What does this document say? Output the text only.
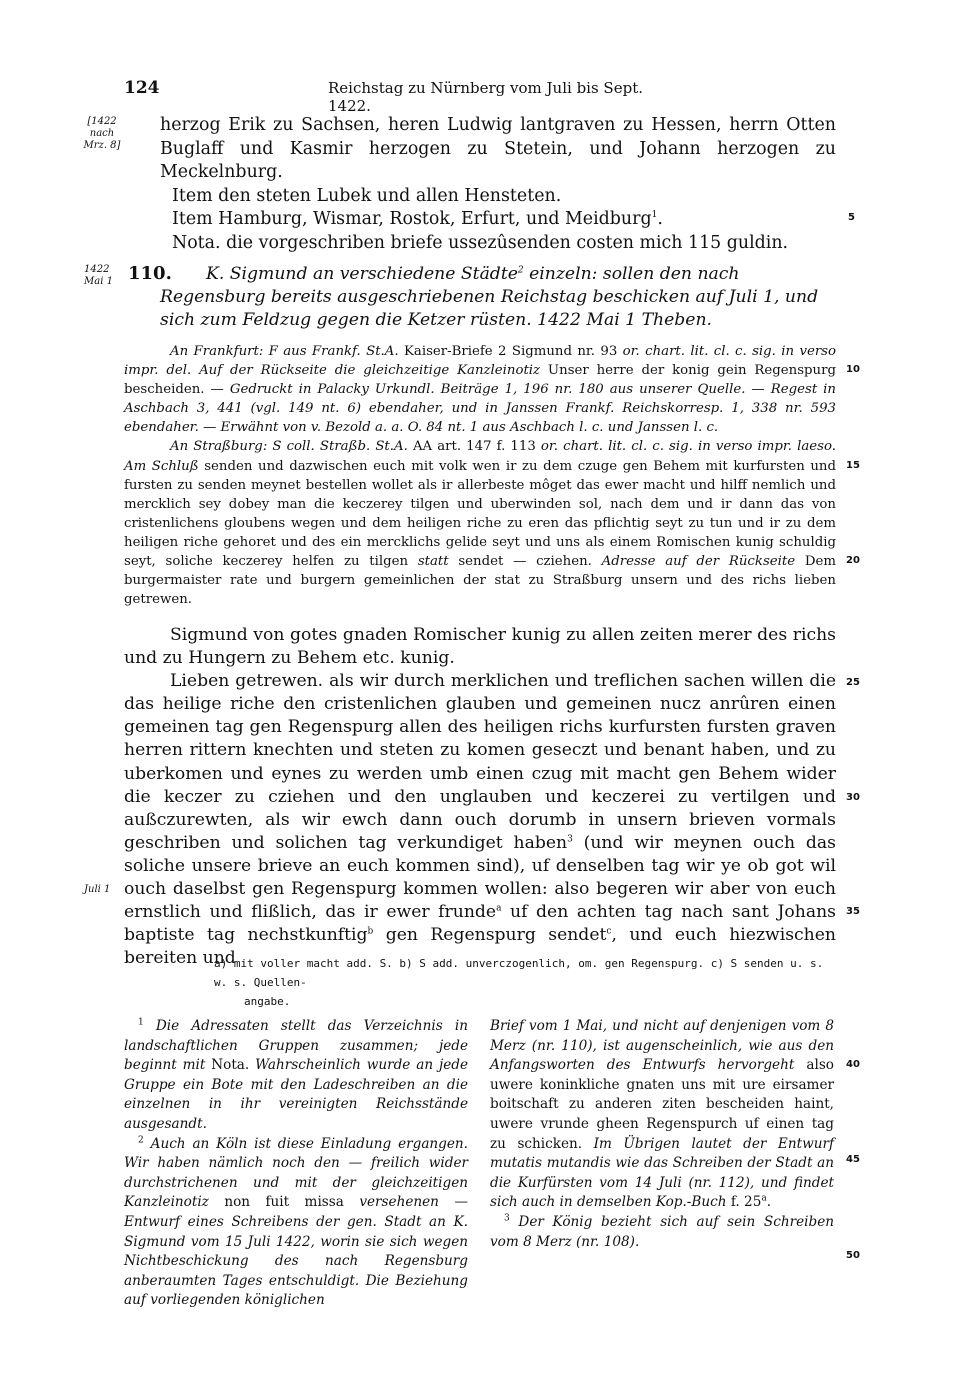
124	Reichstag zu Nürnberg vom Juli bis Sept. 1422.
[1422
nach
Mrz. 8]
1422
Mai 1
Juli 1
5
10
15
20
25
30
35
40
45
50

herzog Erik zu Sachsen, heren Ludwig lantgraven zu Hessen, herrn Otten Buglaff und Kasmir herzogen zu Stetein, und Johann herzogen zu Meckelnburg.

Item den steten Lubek und allen Hensteten.

Item Hamburg, Wismar, Rostok, Erfurt, und Meidburg$^1$.

Nota. die vorgeschriben briefe ussezûsenden costen mich 115 guldin.

110.	K. Sigmund an verschiedene Städte$^2$ einzeln: sollen den nach Regensburg bereits ausgeschriebenen Reichstag beschicken auf Juli 1, und sich zum Feldzug gegen die Ketzer rüsten. 1422 Mai 1 Theben.

An Frankfurt: F aus Frankf. St.A. Kaiser-Briefe 2 Sigmund nr. 93 or. chart. lit. cl. c. sig. in verso impr. del. Auf der Rückseite die gleichzeitige Kanzleinotiz Unser herre der konig gein Regenspurg bescheiden. — Gedruckt in Palacky Urkundl. Beiträge 1, 196 nr. 180 aus unserer Quelle. — Regest in Aschbach 3, 441 (vgl. 149 nt. 6) ebendaher, und in Janssen Frankf. Reichskorresp. 1, 338 nr. 593 ebendaher. — Erwähnt von v. Bezold a. a. O. 84 nt. 1 aus Aschbach l. c. und Janssen l. c.

An Straßburg: S coll. Straßb. St.A. AA art. 147 f. 113 or. chart. lit. cl. c. sig. in verso impr. laeso. Am Schluß senden und dazwischen euch mit volk wen ir zu dem czuge gen Behem mit kurfursten und fursten zu senden meynet bestellen wollet als ir allerbeste môget das ewer macht und hilff nemlich und mercklich sey dobey man die keczerey tilgen und uberwinden sol, nach dem und ir dann das von cristenlichens gloubens wegen und dem heiligen riche zu eren das pflichtig seyt zu tun und ir zu dem heiligen riche gehoret und des ein mercklichs gelide seyt und uns als einem Romischen kunig schuldig seyt, soliche keczerey helfen zu tilgen statt sendet — cziehen. Adresse auf der Rückseite Dem burgermaister rate und burgern gemeinlichen der stat zu Straßburg unsern und des richs lieben getrewen.

Sigmund von gotes gnaden Romischer kunig zu allen zeiten merer des richs und zu Hungern zu Behem etc. kunig.

Lieben getrewen. als wir durch merklichen und treflichen sachen willen die das heilige riche den cristenlichen glauben und gemeinen nucz anrûren einen gemeinen tag gen Regenspurg allen des heiligen richs kurfursten fursten graven herren rittern knechten und steten zu komen geseczt und benant haben, und zu uberkomen und eynes zu werden umb einen czug mit macht gen Behem wider die keczer zu cziehen und den unglauben und keczerei zu vertilgen und außczurewten, als wir ewch dann ouch dorumb in unsern brieven vormals geschriben und solichen tag verkundiget haben$^3$ (und wir meynen ouch das soliche unsere brieve an euch kommen sind), uf denselben tag wir ye ob got wil ouch daselbst gen Regenspurg kommen wollen: also begeren wir aber von euch ernstlich und flißlich, das ir ewer frunde$^a$ uf den achten tag nach sant Johans baptiste tag nechstkunftig$^b$ gen Regenspurg sendet$^c$, und euch hiezwischen bereiten und

a) mit voller macht add. S. b) S add. unverczogenlich, om. gen Regenspurg. c) S senden u. s. w. s. Quellen-
angabe.

$^1$ Die Adressaten stellt das Verzeichnis in landschaftlichen Gruppen zusammen; jede beginnt mit Nota. Wahrscheinlich wurde an jede Gruppe ein Bote mit den Ladeschreiben an die einzelnen in ihr vereinigten Reichsstände ausgesandt.

$^2$ Auch an Köln ist diese Einladung ergangen. Wir haben nämlich noch den — freilich wider durchstrichenen und mit der gleichzeitigen Kanzleinotiz non fuit missa versehenen — Entwurf eines Schreibens der gen. Stadt an K. Sigmund vom 15 Juli 1422, worin sie sich wegen Nichtbeschickung des nach Regensburg anberaumten Tages entschuldigt. Die Beziehung auf vorliegenden königlichen

Brief vom 1 Mai, und nicht auf denjenigen vom 8 Merz (nr. 110), ist augenscheinlich, wie aus den Anfangsworten des Entwurfs hervorgeht also uwere koninkliche gnaten uns mit ure eirsamer boitschaft zu anderen ziten bescheiden haint, uwere vrunde gheen Regenspurch uf einen tag zu schicken. Im Übrigen lautet der Entwurf mutatis mutandis wie das Schreiben der Stadt an die Kurfürsten vom 14 Juli (nr. 112), und findet sich auch in demselben Kop.-Buch f. 25$^a$.

$^3$ Der König bezieht sich auf sein Schreiben vom 8 Merz (nr. 108).
